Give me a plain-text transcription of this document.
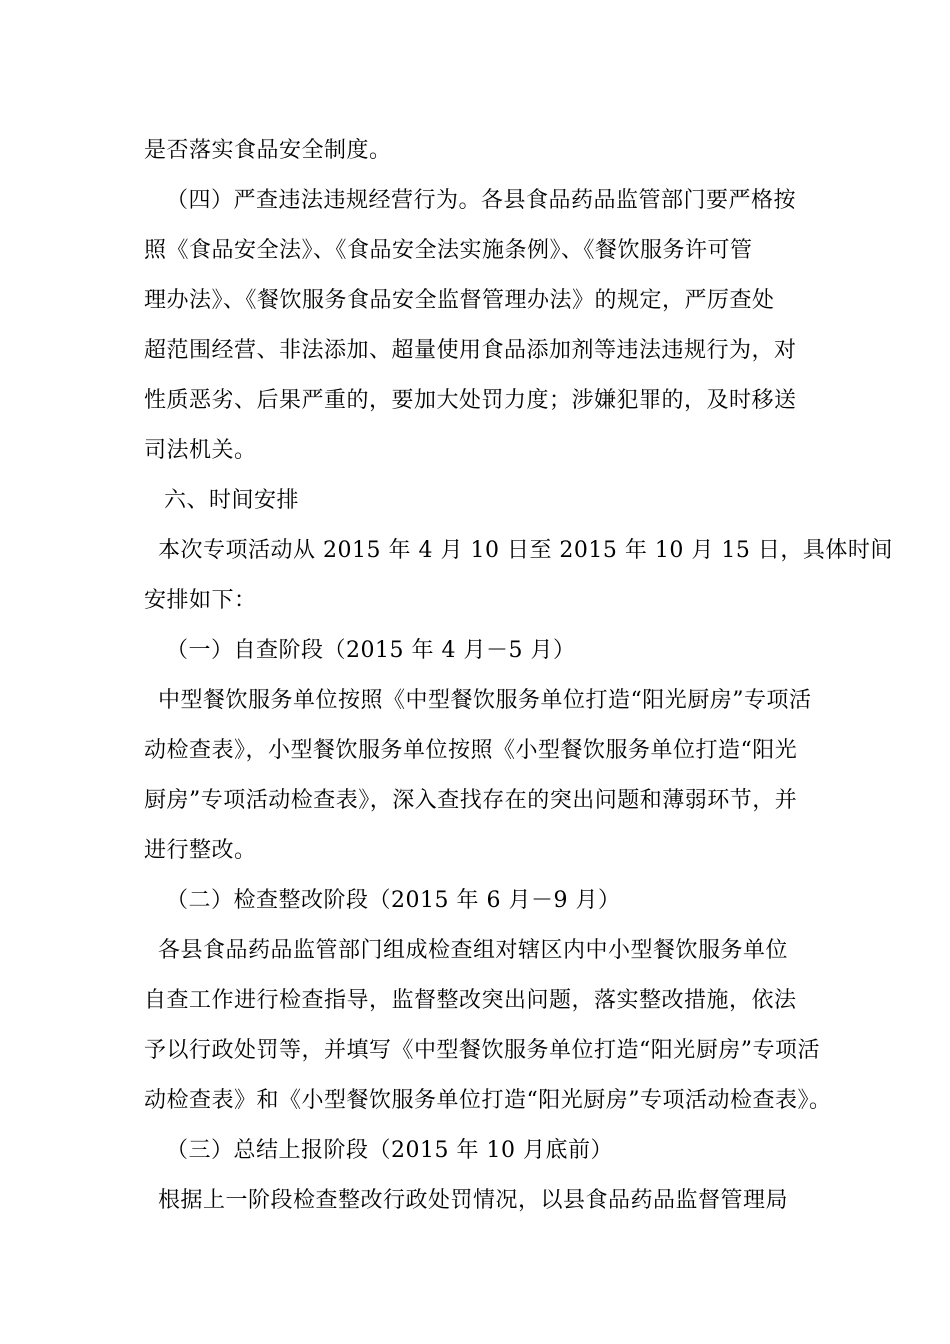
是否落实食品安全制度。
（四）严查违法违规经营行为。各县食品药品监管部门要严格按
照《食品安全法》、《食品安全法实施条例》、《餐饮服务许可管
理办法》、《餐饮服务食品安全监督管理办法》的规定，严厉查处
超范围经营、非法添加、超量使用食品添加剂等违法违规行为，对
性质恶劣、后果严重的，要加大处罚力度；涉嫌犯罪的，及时移送
司法机关。
六、时间安排
本次专项活动从 2015 年 4 月 10 日至 2015 年 10 月 15 日，具体时间
安排如下：
（一）自查阶段（2015 年 4 月－5 月）
中型餐饮服务单位按照《中型餐饮服务单位打造“阳光厨房”专项活
动检查表》，小型餐饮服务单位按照《小型餐饮服务单位打造“阳光
厨房”专项活动检查表》，深入查找存在的突出问题和薄弱环节，并
进行整改。
（二）检查整改阶段（2015 年 6 月－9 月）
各县食品药品监管部门组成检查组对辖区内中小型餐饮服务单位
自查工作进行检查指导，监督整改突出问题，落实整改措施，依法
予以行政处罚等，并填写《中型餐饮服务单位打造“阳光厨房”专项活
动检查表》和《小型餐饮服务单位打造“阳光厨房”专项活动检查表》。
（三）总结上报阶段（2015 年 10 月底前）
根据上一阶段检查整改行政处罚情况，以县食品药品监督管理局
